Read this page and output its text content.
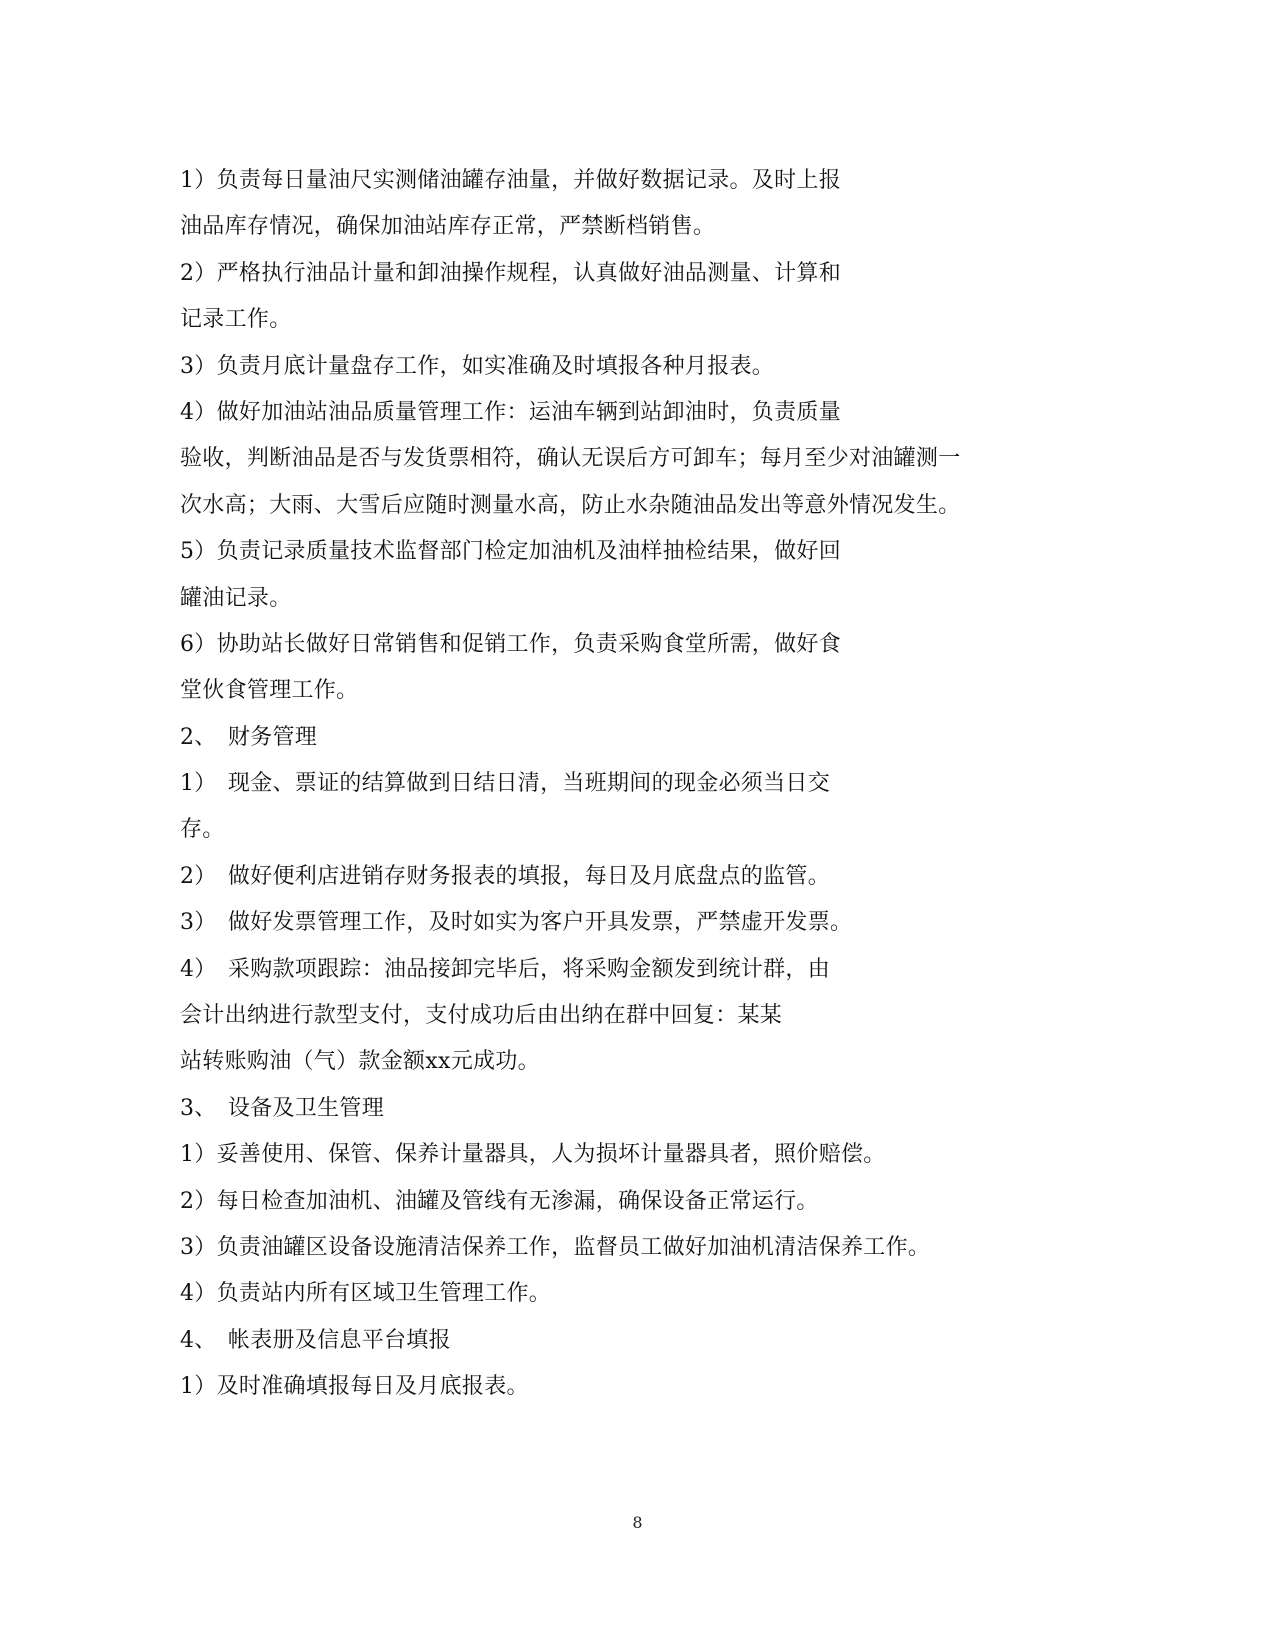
1）负责每日量油尺实测储油罐存油量，并做好数据记录。及时上报
油品库存情况，确保加油站库存正常，严禁断档销售。
2）严格执行油品计量和卸油操作规程，认真做好油品测量、计算和
记录工作。
3）负责月底计量盘存工作，如实准确及时填报各种月报表。
4）做好加油站油品质量管理工作：运油车辆到站卸油时，负责质量
验收，判断油品是否与发货票相符，确认无误后方可卸车；每月至少对油罐测一
次水高；大雨、大雪后应随时测量水高，防止水杂随油品发出等意外情况发生。
5）负责记录质量技术监督部门检定加油机及油样抽检结果，做好回
罐油记录。
6）协助站长做好日常销售和促销工作，负责采购食堂所需，做好食
堂伙食管理工作。
2、　财务管理
1）　现金、票证的结算做到日结日清，当班期间的现金必须当日交
存。
2）　做好便利店进销存财务报表的填报，每日及月底盘点的监管。
3）　做好发票管理工作，及时如实为客户开具发票，严禁虚开发票。
4）　采购款项跟踪：油品接卸完毕后，将采购金额发到统计群，由
会计出纳进行款型支付，支付成功后由出纳在群中回复：某某
站转账购油（气）款金额xx元成功。
3、　设备及卫生管理
1）妥善使用、保管、保养计量器具，人为损坏计量器具者，照价赔偿。
2）每日检查加油机、油罐及管线有无渗漏，确保设备正常运行。
3）负责油罐区设备设施清洁保养工作，监督员工做好加油机清洁保养工作。
4）负责站内所有区域卫生管理工作。
4、　帐表册及信息平台填报
1）及时准确填报每日及月底报表。
8
